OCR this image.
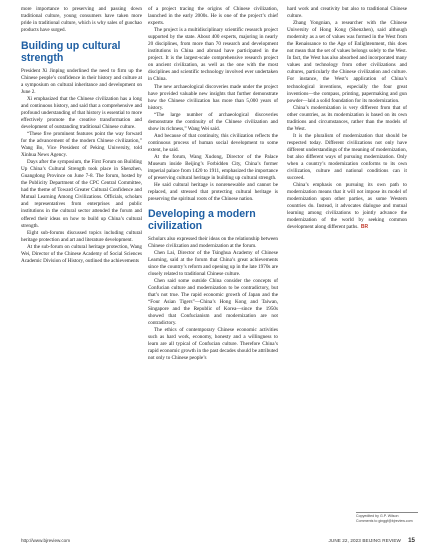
more importance to preserving and passing down traditional culture, young consumers have taken more pride in traditional culture, which is why sales of guochao products have surged.

Building up cultural strength

President Xi Jinping underlined the need to firm up the Chinese people’s confidence in their history and culture at a symposium on cultural inheritance and development on June 2.

Xi emphasized that the Chinese civilization has a long and continuous history, and said that a comprehensive and profound understanding of that history is essential to more effectively promote the creative transformation and development of outstanding traditional Chinese culture.

“These five prominent features point the way forward for the advancement of the modern Chinese civilization,” Wang Bo, Vice President of Peking University, told Xinhua News Agency.

Days after the symposium, the First Forum on Building Up China’s Cultural Strength took place in Shenzhen, Guangdong Province on June 7-8. The forum, hosted by the Publicity Department of the CPC Central Committee, had the theme of Toward Greater Cultural Confidence and Mutual Learning Among Civilizations. Officials, scholars and representatives from enterprises and public institutions in the cultural sector attended the forum and offered their ideas on how to build up China’s cultural strength.

Eight sub-forums discussed topics including cultural heritage protection and art and literature development.

At the sub-forum on cultural heritage protection, Wang Wei, Director of the Chinese Academy of Social Sciences Academic Division of History, outlined the achievements

of a project tracing the origins of Chinese civilization, launched in the early 2000s. He is one of the project’s chief experts.

The project is a multidisciplinary scientific research project supported by the state. About 400 experts, majoring in nearly 20 disciplines, from more than 70 research and development institutions in China and abroad have participated in the project. It is the largest-scale comprehensive research project on ancient civilization, as well as the one with the most disciplines and scientific technology involved ever undertaken in China.

The new archaeological discoveries made under the project have provided valuable new insights that further demonstrate how the Chinese civilization has more than 5,000 years of history.

“The large number of archaeological discoveries demonstrate the continuity of the Chinese civilization and show its richness,” Wang Wei said.

And because of that continuity, this civilization reflects the continuous process of human social development to some extent, he said.

At the forum, Wang Xudong, Director of the Palace Museum inside Beijing’s Forbidden City, China’s former imperial palace from 1420 to 1911, emphasized the importance of preserving cultural heritage in building up cultural strength.

He said cultural heritage is nonrenewable and cannot be replaced, and stressed that protecting cultural heritage is preserving the spiritual roots of the Chinese nation.

Developing a modern civilization

Scholars also expressed their ideas on the relationship between Chinese civilization and modernization at the forum.

Chen Lai, Director of the Tsinghua Academy of Chinese Learning, said at the forum that China’s great achievements since the country’s reform and opening up in the late 1970s are closely related to traditional Chinese culture.

Chen said some outside China consider the concepts of Confucian culture and modernization to be contradictory, but that’s not true. The rapid economic growth of Japan and the “Four Asian Tigers”—China’s Hong Kong and Taiwan, Singapore and the Republic of Korea—since the 1950s showed that Confucianism and modernization are not contradictory.

The ethics of contemporary Chinese economic activities such as hard work, economy, honesty and a willingness to learn are all typical of Confucian culture. Therefore China’s rapid economic growth in the past decades should be attributed not only to Chinese people’s

hard work and creativity but also to traditional Chinese culture.

Zhang Yongnian, a researcher with the Chinese University of Hong Kong (Shenzhen), said although modernity as a set of values was formed in the West from the Renaissance to the Age of Enlightenment, this does not mean that the set of values belongs solely to the West. In fact, the West has also absorbed and incorporated many values and technology from other civilizations and cultures, particularly the Chinese civilization and culture. For instance, the West’s application of China’s technological inventions, especially the four great inventions—the compass, printing, papermaking and gun powder—laid a solid foundation for its modernization.

China’s modernization is very different from that of other countries, as its modernization is based on its own traditions and circumstances, rather than the models of the West.

It is the pluralism of modernization that should be respected today. Different civilizations not only have different understandings of the meaning of modernization, but also different ways of pursuing modernization. Only when a country’s modernization conforms to its own civilization, culture and national conditions can it succeed.

China’s emphasis on pursuing its own path to modernization means that it will not impose its model of modernization upon other parties, as some Western countries do. Instead, it advocates dialogue and mutual learning among civilizations to jointly advance the modernization of the world by seeking common development along different paths. BR

Copyedited by G.P. Wilson
Comments to ginggf@bjreview.com
http://www.bjreview.com	JUNE 22, 2023 BEIJING REVIEW 15
